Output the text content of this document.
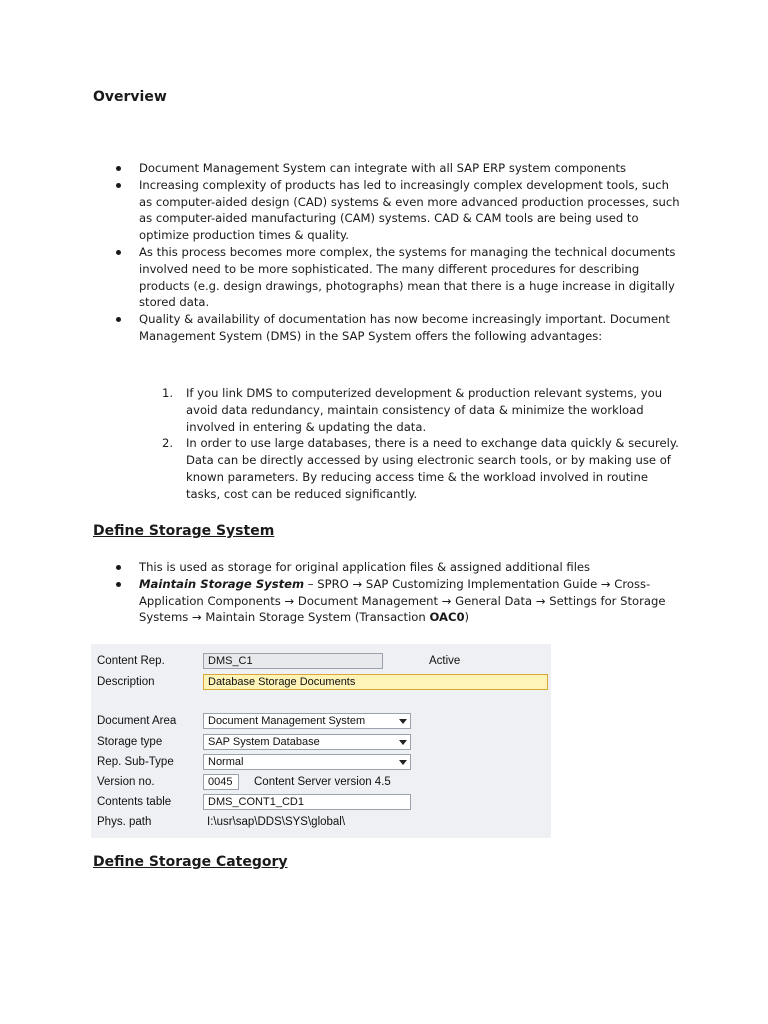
Overview
Document Management System can integrate with all SAP ERP system components
Increasing complexity of products has led to increasingly complex development tools, such as computer-aided design (CAD) systems & even more advanced production processes, such as computer-aided manufacturing (CAM) systems. CAD & CAM tools are being used to optimize production times & quality.
As this process becomes more complex, the systems for managing the technical documents involved need to be more sophisticated. The many different procedures for describing products (e.g. design drawings, photographs) mean that there is a huge increase in digitally stored data.
Quality & availability of documentation has now become increasingly important. Document Management System (DMS) in the SAP System offers the following advantages:
1. If you link DMS to computerized development & production relevant systems, you avoid data redundancy, maintain consistency of data & minimize the workload involved in entering & updating the data.
2. In order to use large databases, there is a need to exchange data quickly & securely. Data can be directly accessed by using electronic search tools, or by making use of known parameters. By reducing access time & the workload involved in routine tasks, cost can be reduced significantly.
Define Storage System
This is used as storage for original application files & assigned additional files
Maintain Storage System – SPRO → SAP Customizing Implementation Guide → Cross-Application Components → Document Management → General Data → Settings for Storage Systems → Maintain Storage System (Transaction OAC0)
Content Rep.	DMS_C1	Active
Description	Database Storage Documents
Document Area	Document Management System
Storage type	SAP System Database
Rep. Sub-Type	Normal
Version no.	0045	Content Server version 4.5
Contents table	DMS_CONT1_CD1
Phys. path	I:\usr\sap\DDS\SYS\global\
Define Storage Category
